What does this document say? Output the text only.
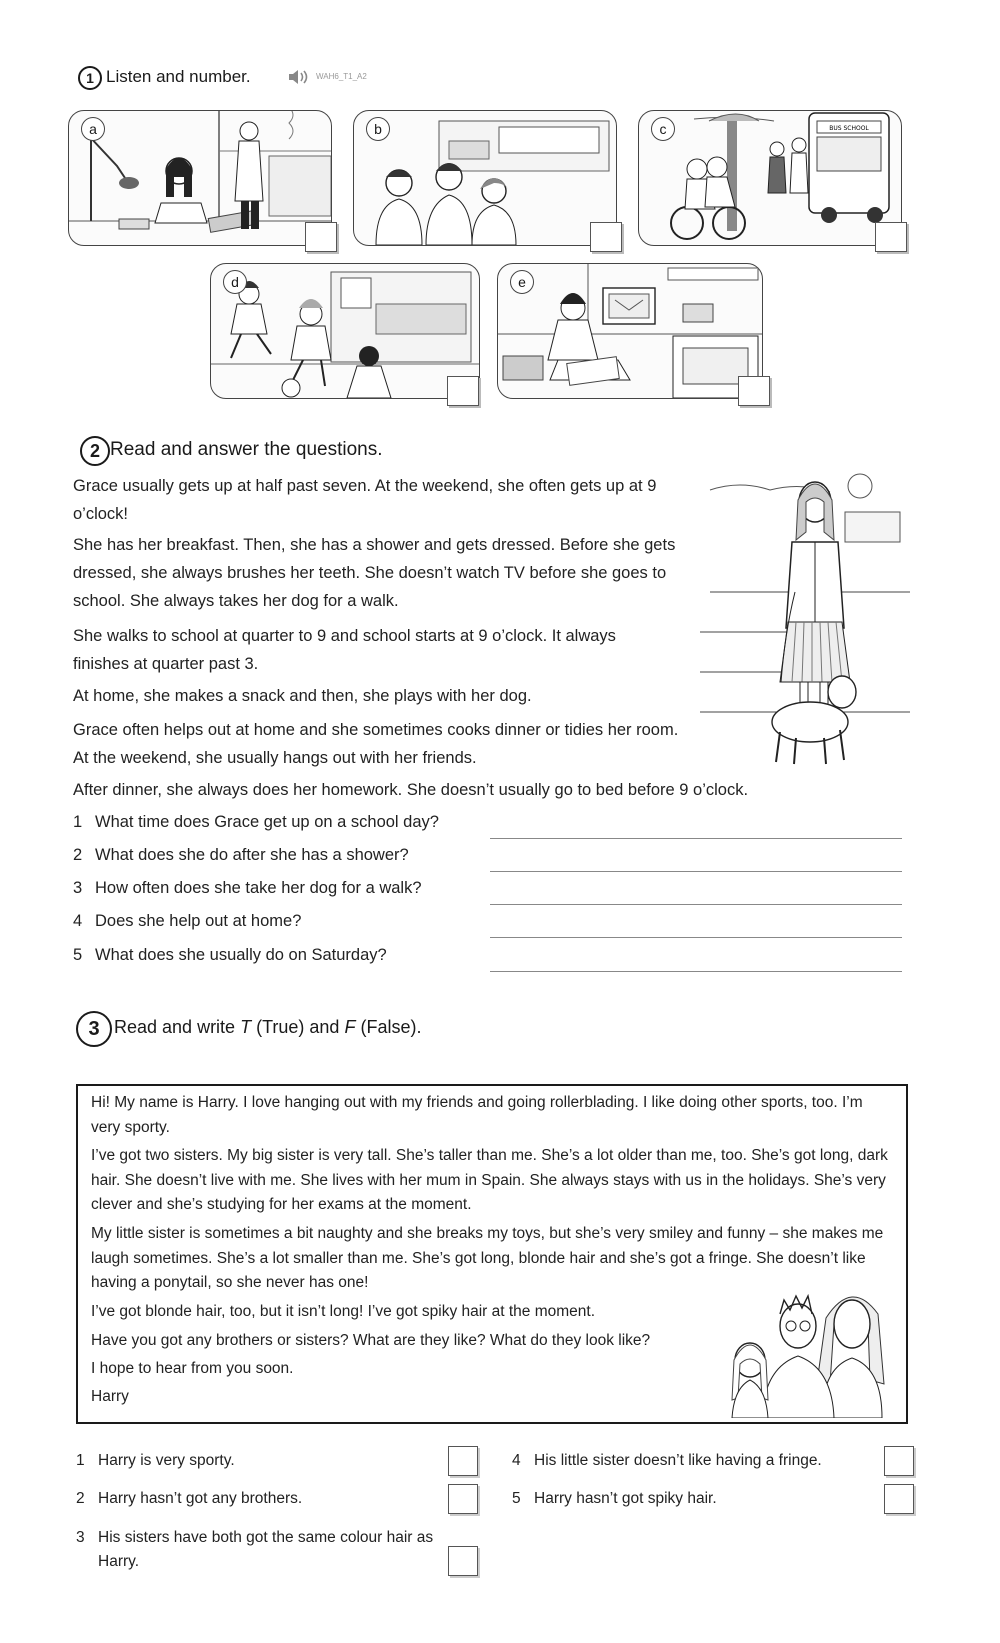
1 Listen and number.	WAH6_T1_A2
a	b	BUS SCHOOL
c
d	e
2 Read and answer the questions.
Grace usually gets up at half past seven. At the weekend, she often gets up at 9 o’clock!
She has her breakfast. Then, she has a shower and gets dressed. Before she gets dressed, she always brushes her teeth. She doesn’t watch TV before she goes to school. She always takes her dog for a walk.
She walks to school at quarter to 9 and school starts at 9 o’clock. It always finishes at quarter past 3.
At home, she makes a snack and then, she plays with her dog.
Grace often helps out at home and she sometimes cooks dinner or tidies her room. At the weekend, she usually hangs out with her friends.
After dinner, she always does her homework. She doesn’t usually go to bed before 9 o’clock.
1 What time does Grace get up on a school day?
2 What does she do after she has a shower?
3 How often does she take her dog for a walk?
4 Does she help out at home?
5 What does she usually do on Saturday?
3 Read and write T (True) and F (False).
Hi! My name is Harry. I love hanging out with my friends and going rollerblading. I like doing other sports, too. I’m very sporty.
I’ve got two sisters. My big sister is very tall. She’s taller than me. She’s a lot older than me, too. She’s got long, dark hair. She doesn’t live with me. She lives with her mum in Spain. She always stays with us in the holidays. She’s very clever and she’s studying for her exams at the moment.
My little sister is sometimes a bit naughty and she breaks my toys, but she’s very smiley and funny – she makes me laugh sometimes. She’s a lot smaller than me. She’s got long, blonde hair and she’s got a fringe. She doesn’t like having a ponytail, so she never has one!
I’ve got blonde hair, too, but it isn’t long! I’ve got spiky hair at the moment.
Have you got any brothers or sisters? What are they like? What do they look like?
I hope to hear from you soon.
Harry
1 Harry is very sporty.
2 Harry hasn’t got any brothers.
3 His sisters have both got the same colour hair as Harry.
4 His little sister doesn’t like having a fringe.
5 Harry hasn’t got spiky hair.
